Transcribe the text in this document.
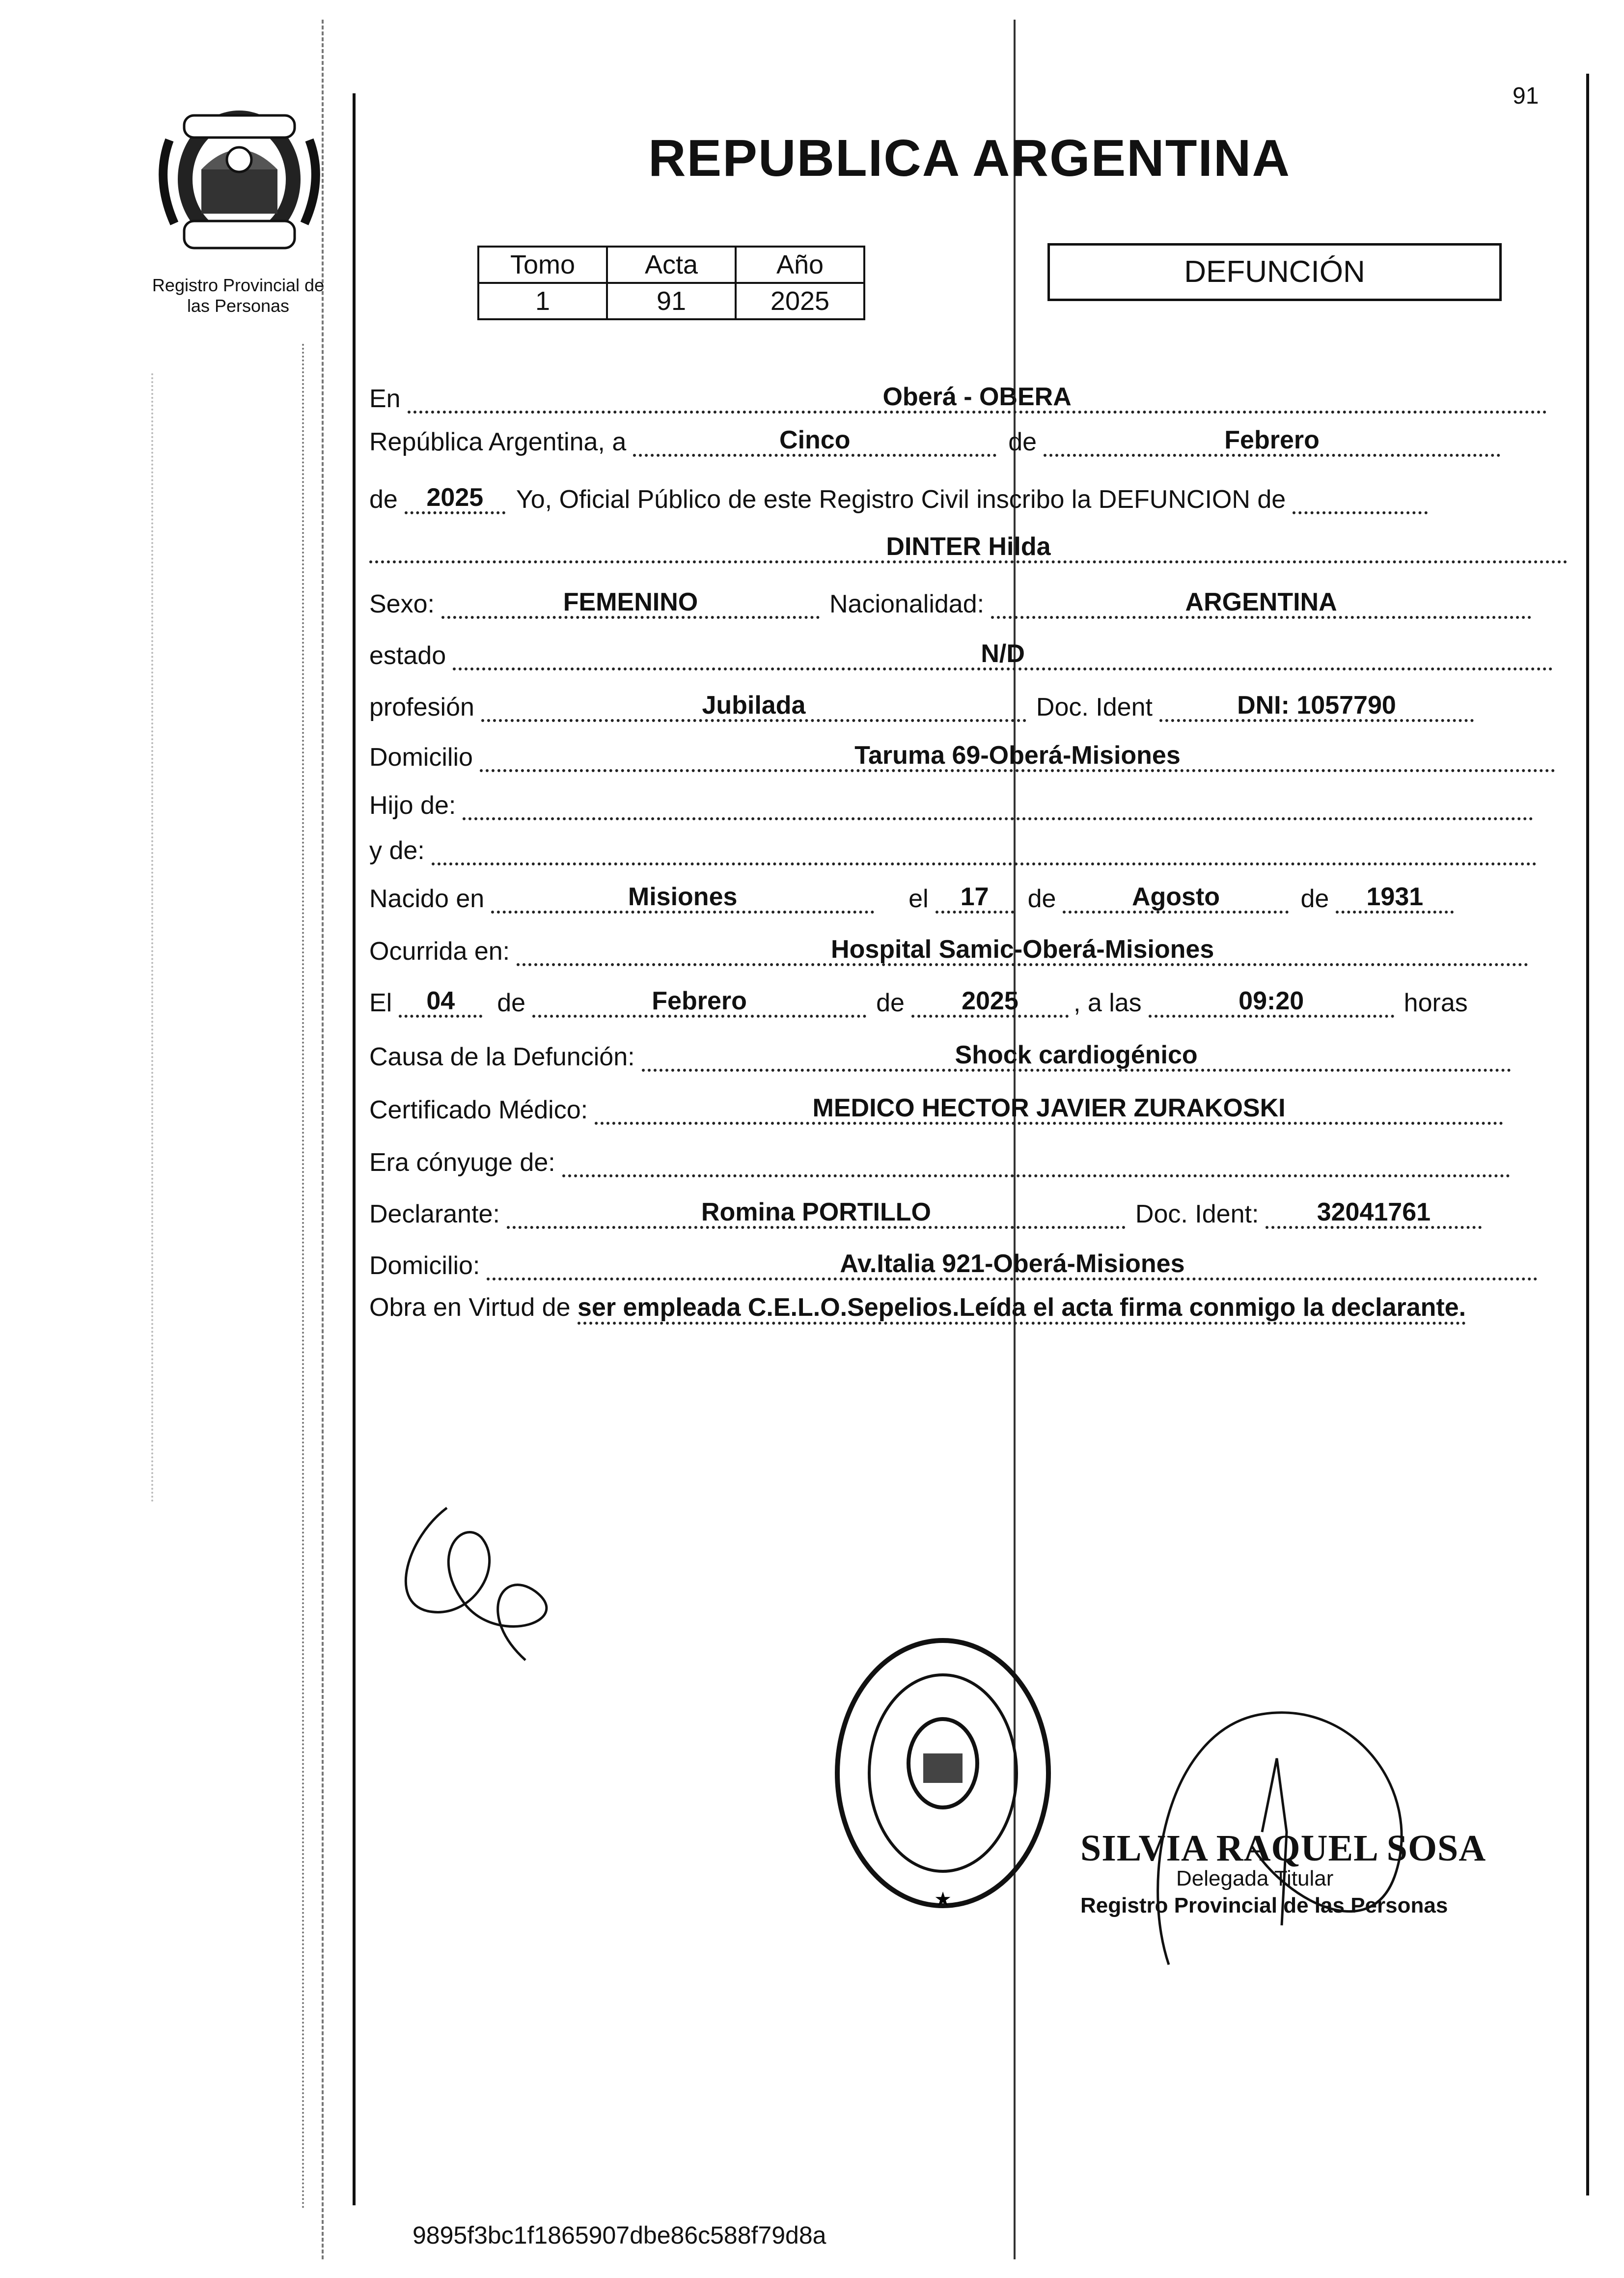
Registro Provincial de
las Personas
91
REPUBLICA ARGENTINA
Tomo	Acta	Año
1	91	2025
DEFUNCIÓN
En	Oberá - OBERA
República Argentina, a	Cinco	de	Febrero
de	2025	Yo, Oficial Público de este Registro Civil inscribo la DEFUNCION de
DINTER Hilda
Sexo:	FEMENINO	Nacionalidad:	ARGENTINA
estado	N/D
profesión	Jubilada	Doc. Ident	DNI: 1057790
Domicilio	Taruma 69-Oberá-Misiones
Hijo de:
y de:
Nacido en	Misiones	el	17	de	Agosto	de	1931
Ocurrida en:	Hospital Samic-Oberá-Misiones
El	04	de	Febrero	de	2025	, a las	09:20	horas
Causa de la Defunción:	Shock cardiogénico
Certificado Médico:	MEDICO HECTOR JAVIER ZURAKOSKI
Era cónyuge de:
Declarante:	Romina PORTILLO	Doc. Ident:	32041761
Domicilio:	Av.Italia 921-Oberá-Misiones
Obra en Virtud de ser empleada C.E.L.O.Sepelios.Leída el acta firma conmigo la declarante.
★
SILVIA RAQUEL SOSA
Delegada Titular
Registro Provincial de las Personas
9895f3bc1f1865907dbe86c588f79d8a
